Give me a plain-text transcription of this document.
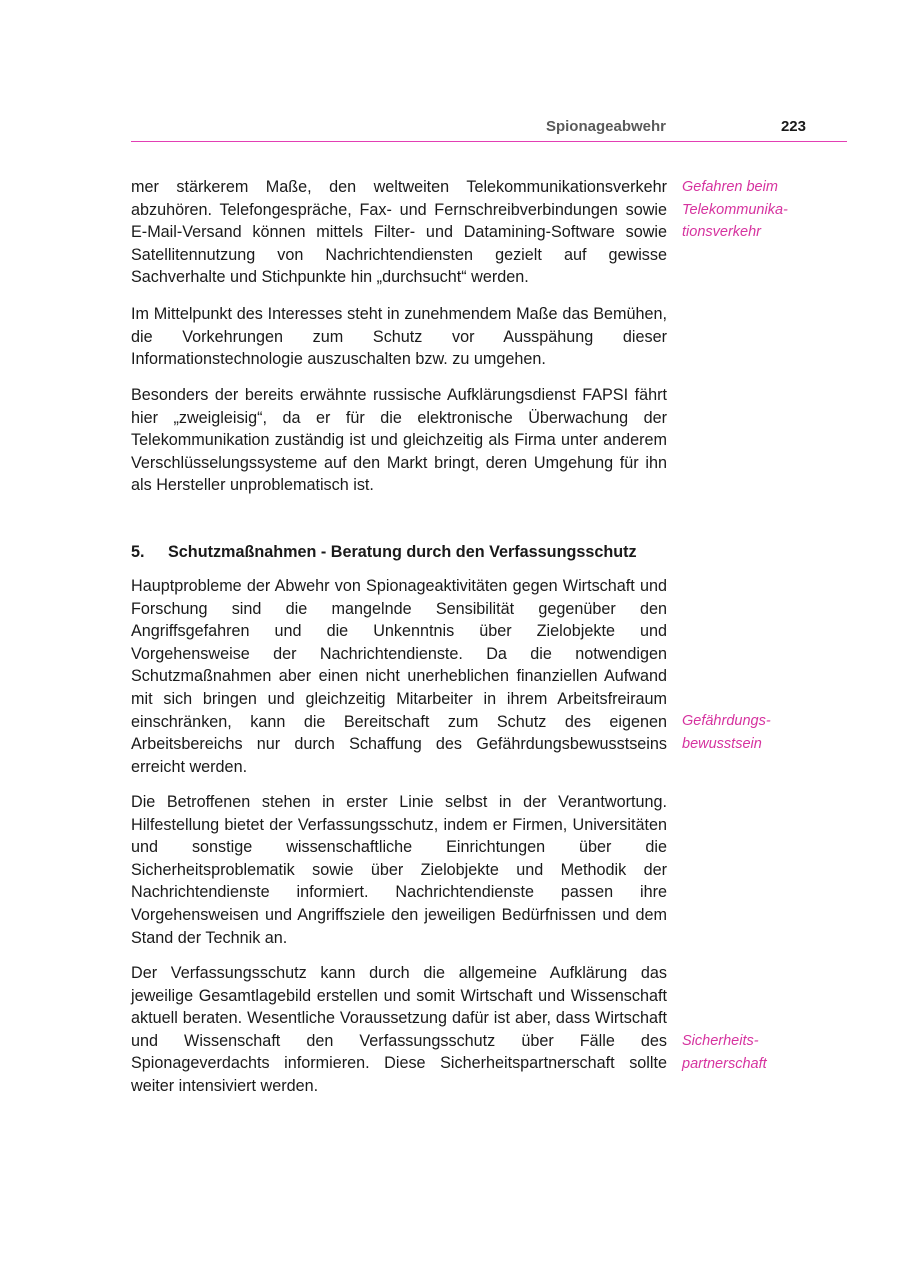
Spionageabwehr	223

mer stärkerem Maße, den weltweiten Telekommunikationsverkehr abzuhören. Telefongespräche, Fax- und Fernschreibverbindungen sowie E-Mail-Versand können mittels Filter- und Datamining-Software sowie Satellitennutzung von Nachrichtendiensten gezielt auf gewisse Sachverhalte und Stichpunkte hin „durchsucht“ werden.

Im Mittelpunkt des Interesses steht in zunehmendem Maße das Bemühen, die Vorkehrungen zum Schutz vor Ausspähung dieser Informationstechnologie auszuschalten bzw. zu umgehen.

Besonders der bereits erwähnte russische Aufklärungsdienst FAPSI fährt hier „zweigleisig“, da er für die elektronische Überwachung der Telekommunikation zuständig ist und gleichzeitig als Firma unter anderem Verschlüsselungssysteme auf den Markt bringt, deren Umgehung für ihn als Hersteller unproblematisch ist.

5. Schutzmaßnahmen - Beratung durch den Verfassungsschutz

Hauptprobleme der Abwehr von Spionageaktivitäten gegen Wirtschaft und Forschung sind die mangelnde Sensibilität gegenüber den Angriffsgefahren und die Unkenntnis über Zielobjekte und Vorgehensweise der Nachrichtendienste. Da die notwendigen Schutzmaßnahmen aber einen nicht unerheblichen finanziellen Aufwand mit sich bringen und gleichzeitig Mitarbeiter in ihrem Arbeitsfreiraum einschränken, kann die Bereitschaft zum Schutz des eigenen Arbeitsbereichs nur durch Schaffung des Gefährdungsbewusstseins erreicht werden.

Die Betroffenen stehen in erster Linie selbst in der Verantwortung. Hilfestellung bietet der Verfassungsschutz, indem er Firmen, Universitäten und sonstige wissenschaftliche Einrichtungen über die Sicherheitsproblematik sowie über Zielobjekte und Methodik der Nachrichtendienste informiert. Nachrichtendienste passen ihre Vorgehensweisen und Angriffsziele den jeweiligen Bedürfnissen und dem Stand der Technik an.

Der Verfassungsschutz kann durch die allgemeine Aufklärung das jeweilige Gesamtlagebild erstellen und somit Wirtschaft und Wissenschaft aktuell beraten. Wesentliche Voraussetzung dafür ist aber, dass Wirtschaft und Wissenschaft den Verfassungsschutz über Fälle des Spionageverdachts informieren. Diese Sicherheitspartnerschaft sollte weiter intensiviert werden.

Gefahren beim Telekommunika-tionsverkehr

Gefährdungs-bewusstsein

Sicherheits-partnerschaft
